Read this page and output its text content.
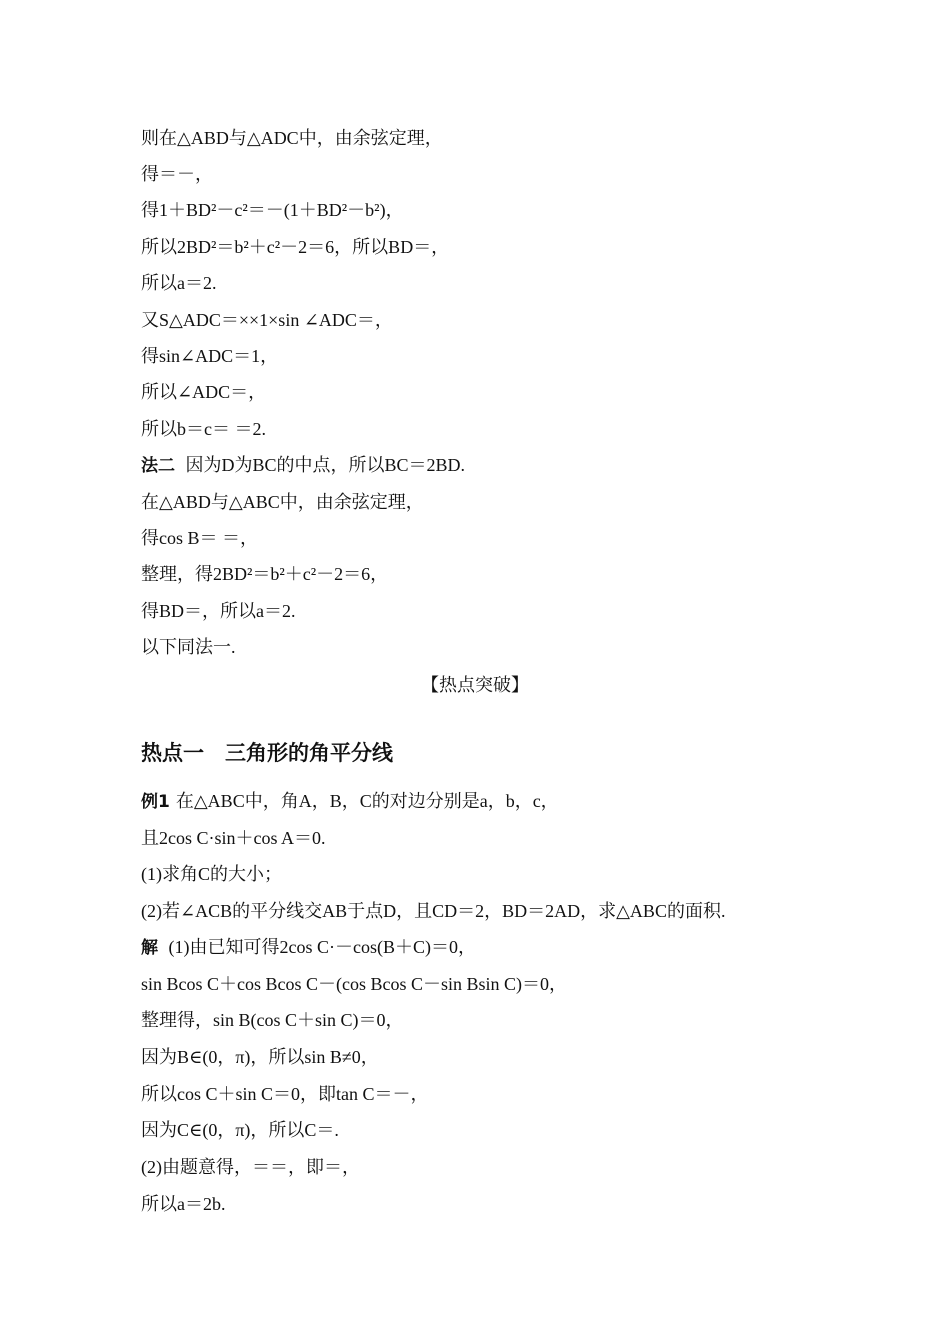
则在△ABD与△ADC中，由余弦定理，
得＝－，
得1＋BD²－c²＝－(1＋BD²－b²)，
所以2BD²＝b²＋c²－2＝6，所以BD＝，
所以a＝2.
又S△ADC＝××1×sin ∠ADC＝，
得sin∠ADC＝1，
所以∠ADC＝，
所以b＝c＝ ＝2.
法二 因为D为BC的中点，所以BC＝2BD.
在△ABD与△ABC中，由余弦定理，
得cos B＝ ＝，
整理，得2BD²＝b²＋c²－2＝6，
得BD＝，所以a＝2.
以下同法一.
【热点突破】
热点一　三角形的角平分线
例1 在△ABC中，角A，B，C的对边分别是a，b，c，
且2cos C·sin＋cos A＝0.
(1)求角C的大小；
(2)若∠ACB的平分线交AB于点D，且CD＝2，BD＝2AD，求△ABC的面积.
解 (1)由已知可得2cos C·－cos(B＋C)＝0，
sin Bcos C＋cos Bcos C－(cos Bcos C－sin Bsin C)＝0，
整理得，sin B(cos C＋sin C)＝0，
因为B∈(0，π)，所以sin B≠0，
所以cos C＋sin C＝0，即tan C＝－，
因为C∈(0，π)，所以C＝.
(2)由题意得，＝＝，即＝，
所以a＝2b.
